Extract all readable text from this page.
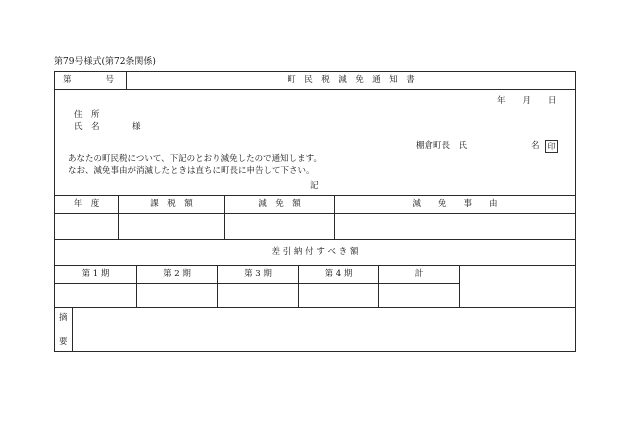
第79号様式(第72条関係)
第　　　　号	町　民　税　減　免　通　知　書
年　　月　　日
住　所
氏　名	様
棚倉町長　氏	名 印
あなたの町民税について、下記のとおり減免したので通知します。
なお、減免事由が消滅したときは直ちに町長に申告して下さい。
記
年　度	課　税　額	減　免　額	減　　免　　事　　由
差 引 納 付 す べ き 額
第 1 期	第 2 期	第 3 期	第 4 期	計
摘
要
